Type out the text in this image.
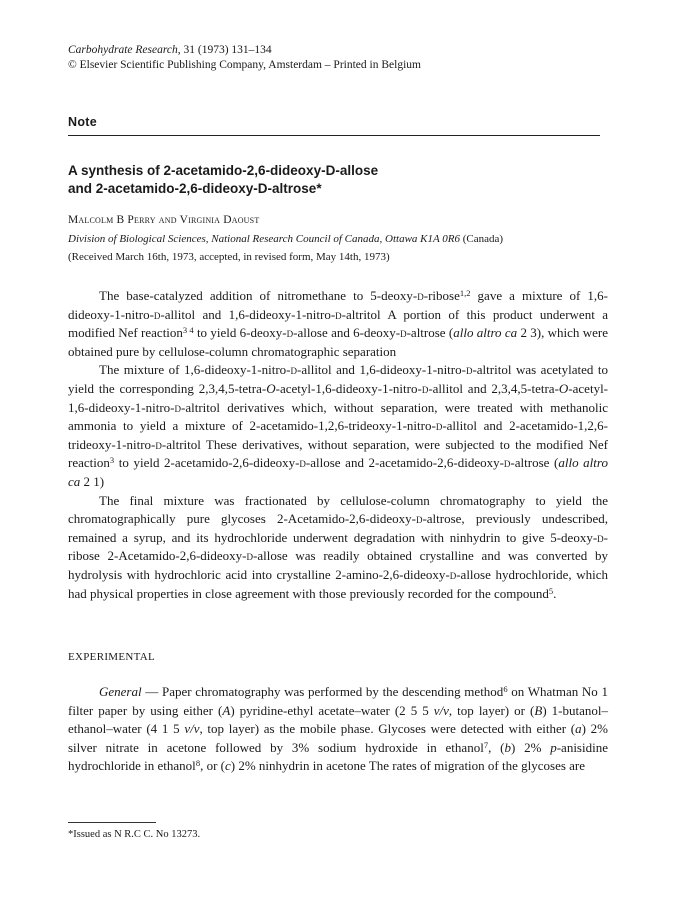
Carbohydrate Research, 31 (1973) 131–134
© Elsevier Scientific Publishing Company, Amsterdam – Printed in Belgium
Note
A synthesis of 2-acetamido-2,6-dideoxy-D-allose
and 2-acetamido-2,6-dideoxy-D-altrose*
Malcolm B Perry and Virginia Daoust
Division of Biological Sciences, National Research Council of Canada, Ottawa K1A 0R6 (Canada)
(Received March 16th, 1973, accepted, in revised form, May 14th, 1973)

The base-catalyzed addition of nitromethane to 5-deoxy-d-ribose$^{1,2}$ gave a mixture of 1,6-dideoxy-1-nitro-d-allitol and 1,6-dideoxy-1-nitro-d-altritol A portion of this product underwent a modified Nef reaction$^{3 4}$ to yield 6-deoxy-d-allose and 6-deoxy-d-altrose (allo altro ca 2 3), which were obtained pure by cellulose-column chromatographic separation

The mixture of 1,6-dideoxy-1-nitro-d-allitol and 1,6-dideoxy-1-nitro-d-altritol was acetylated to yield the corresponding 2,3,4,5-tetra-O-acetyl-1,6-dideoxy-1-nitro-d-allitol and 2,3,4,5-tetra-O-acetyl-1,6-dideoxy-1-nitro-d-altritol derivatives which, without separation, were treated with methanolic ammonia to yield a mixture of 2-acetamido-1,2,6-trideoxy-1-nitro-d-allitol and 2-acetamido-1,2,6-trideoxy-1-nitro-d-altritol These derivatives, without separation, were subjected to the modified Nef reaction$^3$ to yield 2-acetamido-2,6-dideoxy-d-allose and 2-acetamido-2,6-dideoxy-d-altrose (allo altro ca 2 1)

The final mixture was fractionated by cellulose-column chromatography to yield the chromatographically pure glycoses 2-Acetamido-2,6-dideoxy-d-altrose, previously undescribed, remained a syrup, and its hydrochloride underwent degradation with ninhydrin to give 5-deoxy-d-ribose 2-Acetamido-2,6-dideoxy-d-allose was readily obtained crystalline and was converted by hydrolysis with hydrochloric acid into crystalline 2-amino-2,6-dideoxy-d-allose hydrochloride, which had physical properties in close agreement with those previously recorded for the compound$^5$.

EXPERIMENTAL

General — Paper chromatography was performed by the descending method$^6$ on Whatman No 1 filter paper by using either (A) pyridine-ethyl acetate–water (2 5 5 v/v, top layer) or (B) 1-butanol–ethanol–water (4 1 5 v/v, top layer) as the mobile phase. Glycoses were detected with either (a) 2% silver nitrate in acetone followed by 3% sodium hydroxide in ethanol$^7$, (b) 2% p-anisidine hydrochloride in ethanol$^8$, or (c) 2% ninhydrin in acetone The rates of migration of the glycoses are

*Issued as N R.C C. No 13273.
